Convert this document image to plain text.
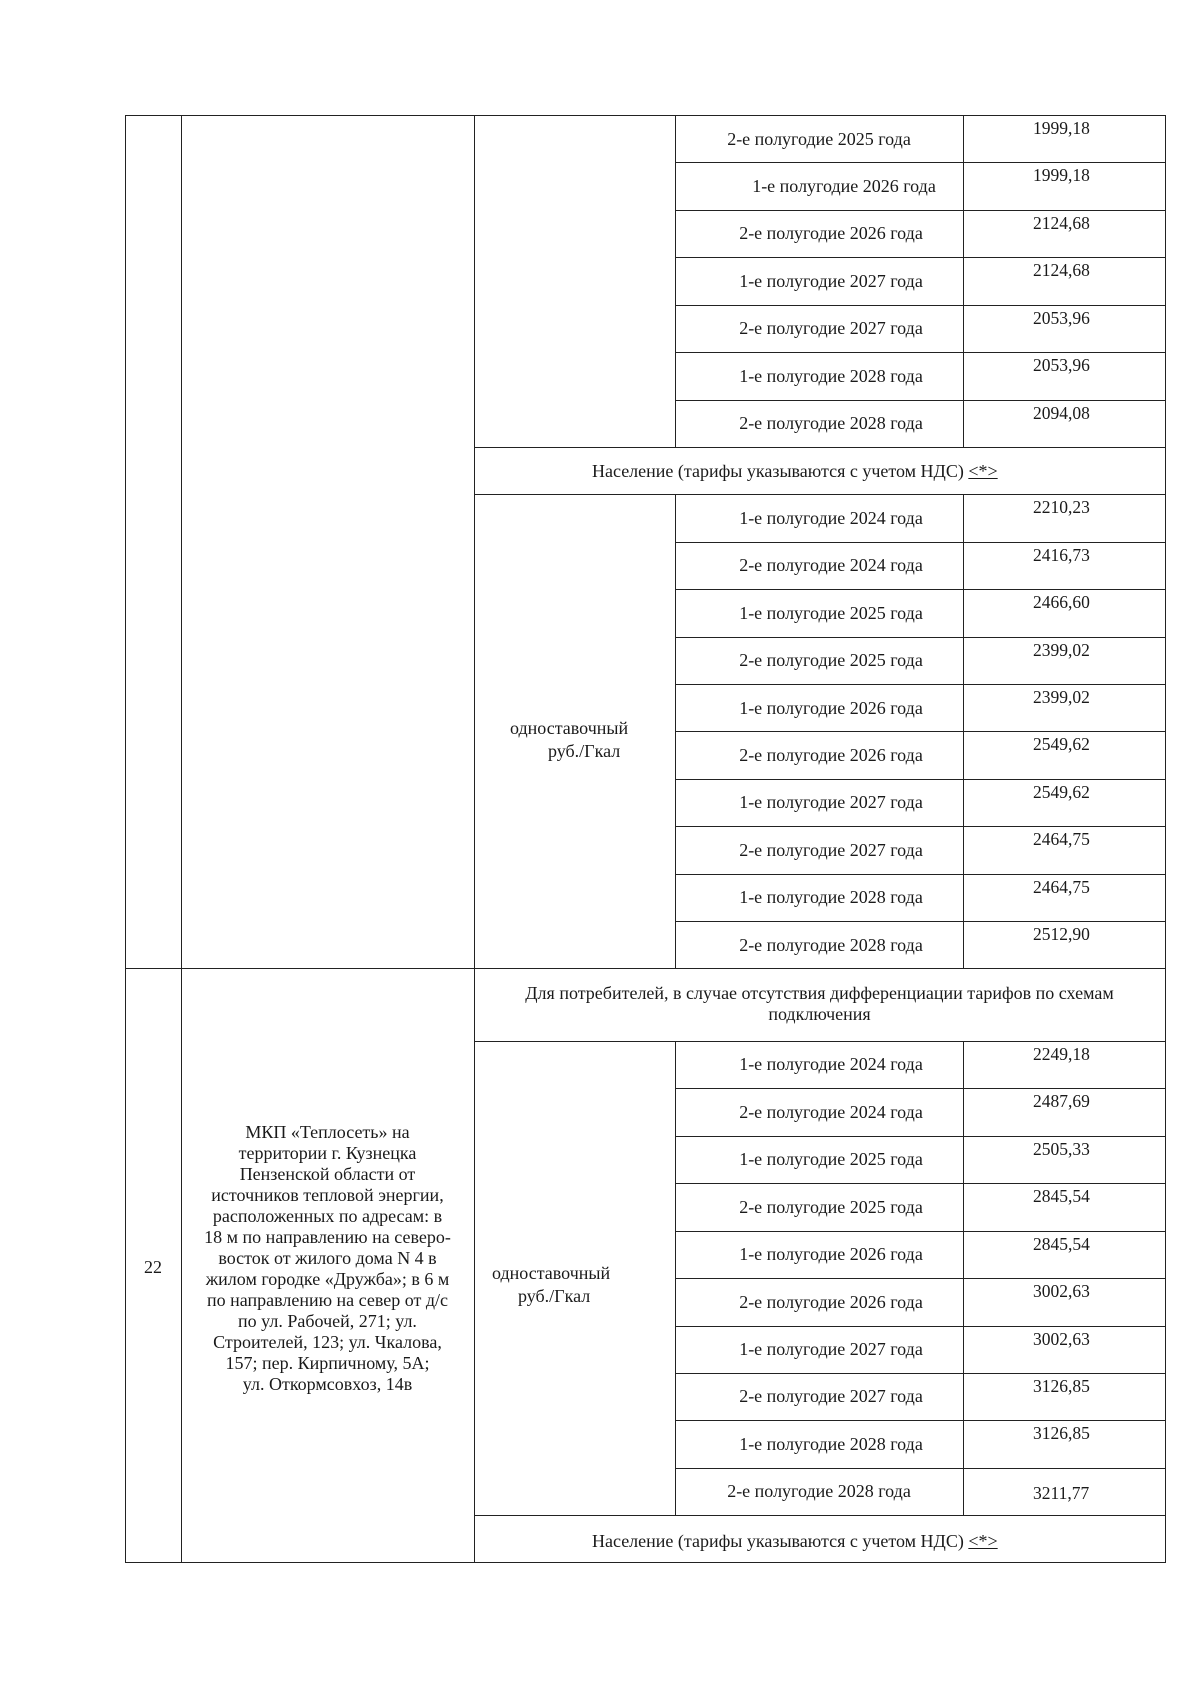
2-е полугодие 2025 года
1-е полугодие 2026 года
2-е полугодие 2026 года
1-е полугодие 2027 года
2-е полугодие 2027 года
1-е полугодие 2028 года
2-е полугодие 2028 года
1999,18
1999,18
2124,68
2124,68
2053,96
2053,96
2094,08
Население (тарифы указываются с учетом НДС) <*>
одноставочный
руб./Гкал
1-е полугодие 2024 года
2-е полугодие 2024 года
1-е полугодие 2025 года
2-е полугодие 2025 года
1-е полугодие 2026 года
2-е полугодие 2026 года
1-е полугодие 2027 года
2-е полугодие 2027 года
1-е полугодие 2028 года
2-е полугодие 2028 года
2210,23
2416,73
2466,60
2399,02
2399,02
2549,62
2549,62
2464,75
2464,75
2512,90
22
МКП «Теплосеть» на
территории г. Кузнецка
Пензенской области от
источников тепловой энергии,
расположенных по адресам: в
18 м по направлению на северо-
восток от жилого дома N 4 в
жилом городке «Дружба»; в 6 м
по направлению на север от д/с
по ул. Рабочей, 271; ул.
Строителей, 123; ул. Чкалова,
157; пер. Кирпичному, 5А;
ул. Откормсовхоз, 14в
Для потребителей, в случае отсутствия дифференциации тарифов по схемам
подключения
одноставочный
руб./Гкал
1-е полугодие 2024 года
2-е полугодие 2024 года
1-е полугодие 2025 года
2-е полугодие 2025 года
1-е полугодие 2026 года
2-е полугодие 2026 года
1-е полугодие 2027 года
2-е полугодие 2027 года
1-е полугодие 2028 года
2-е полугодие 2028 года
2249,18
2487,69
2505,33
2845,54
2845,54
3002,63
3002,63
3126,85
3126,85
3211,77
Население (тарифы указываются с учетом НДС) <*>
